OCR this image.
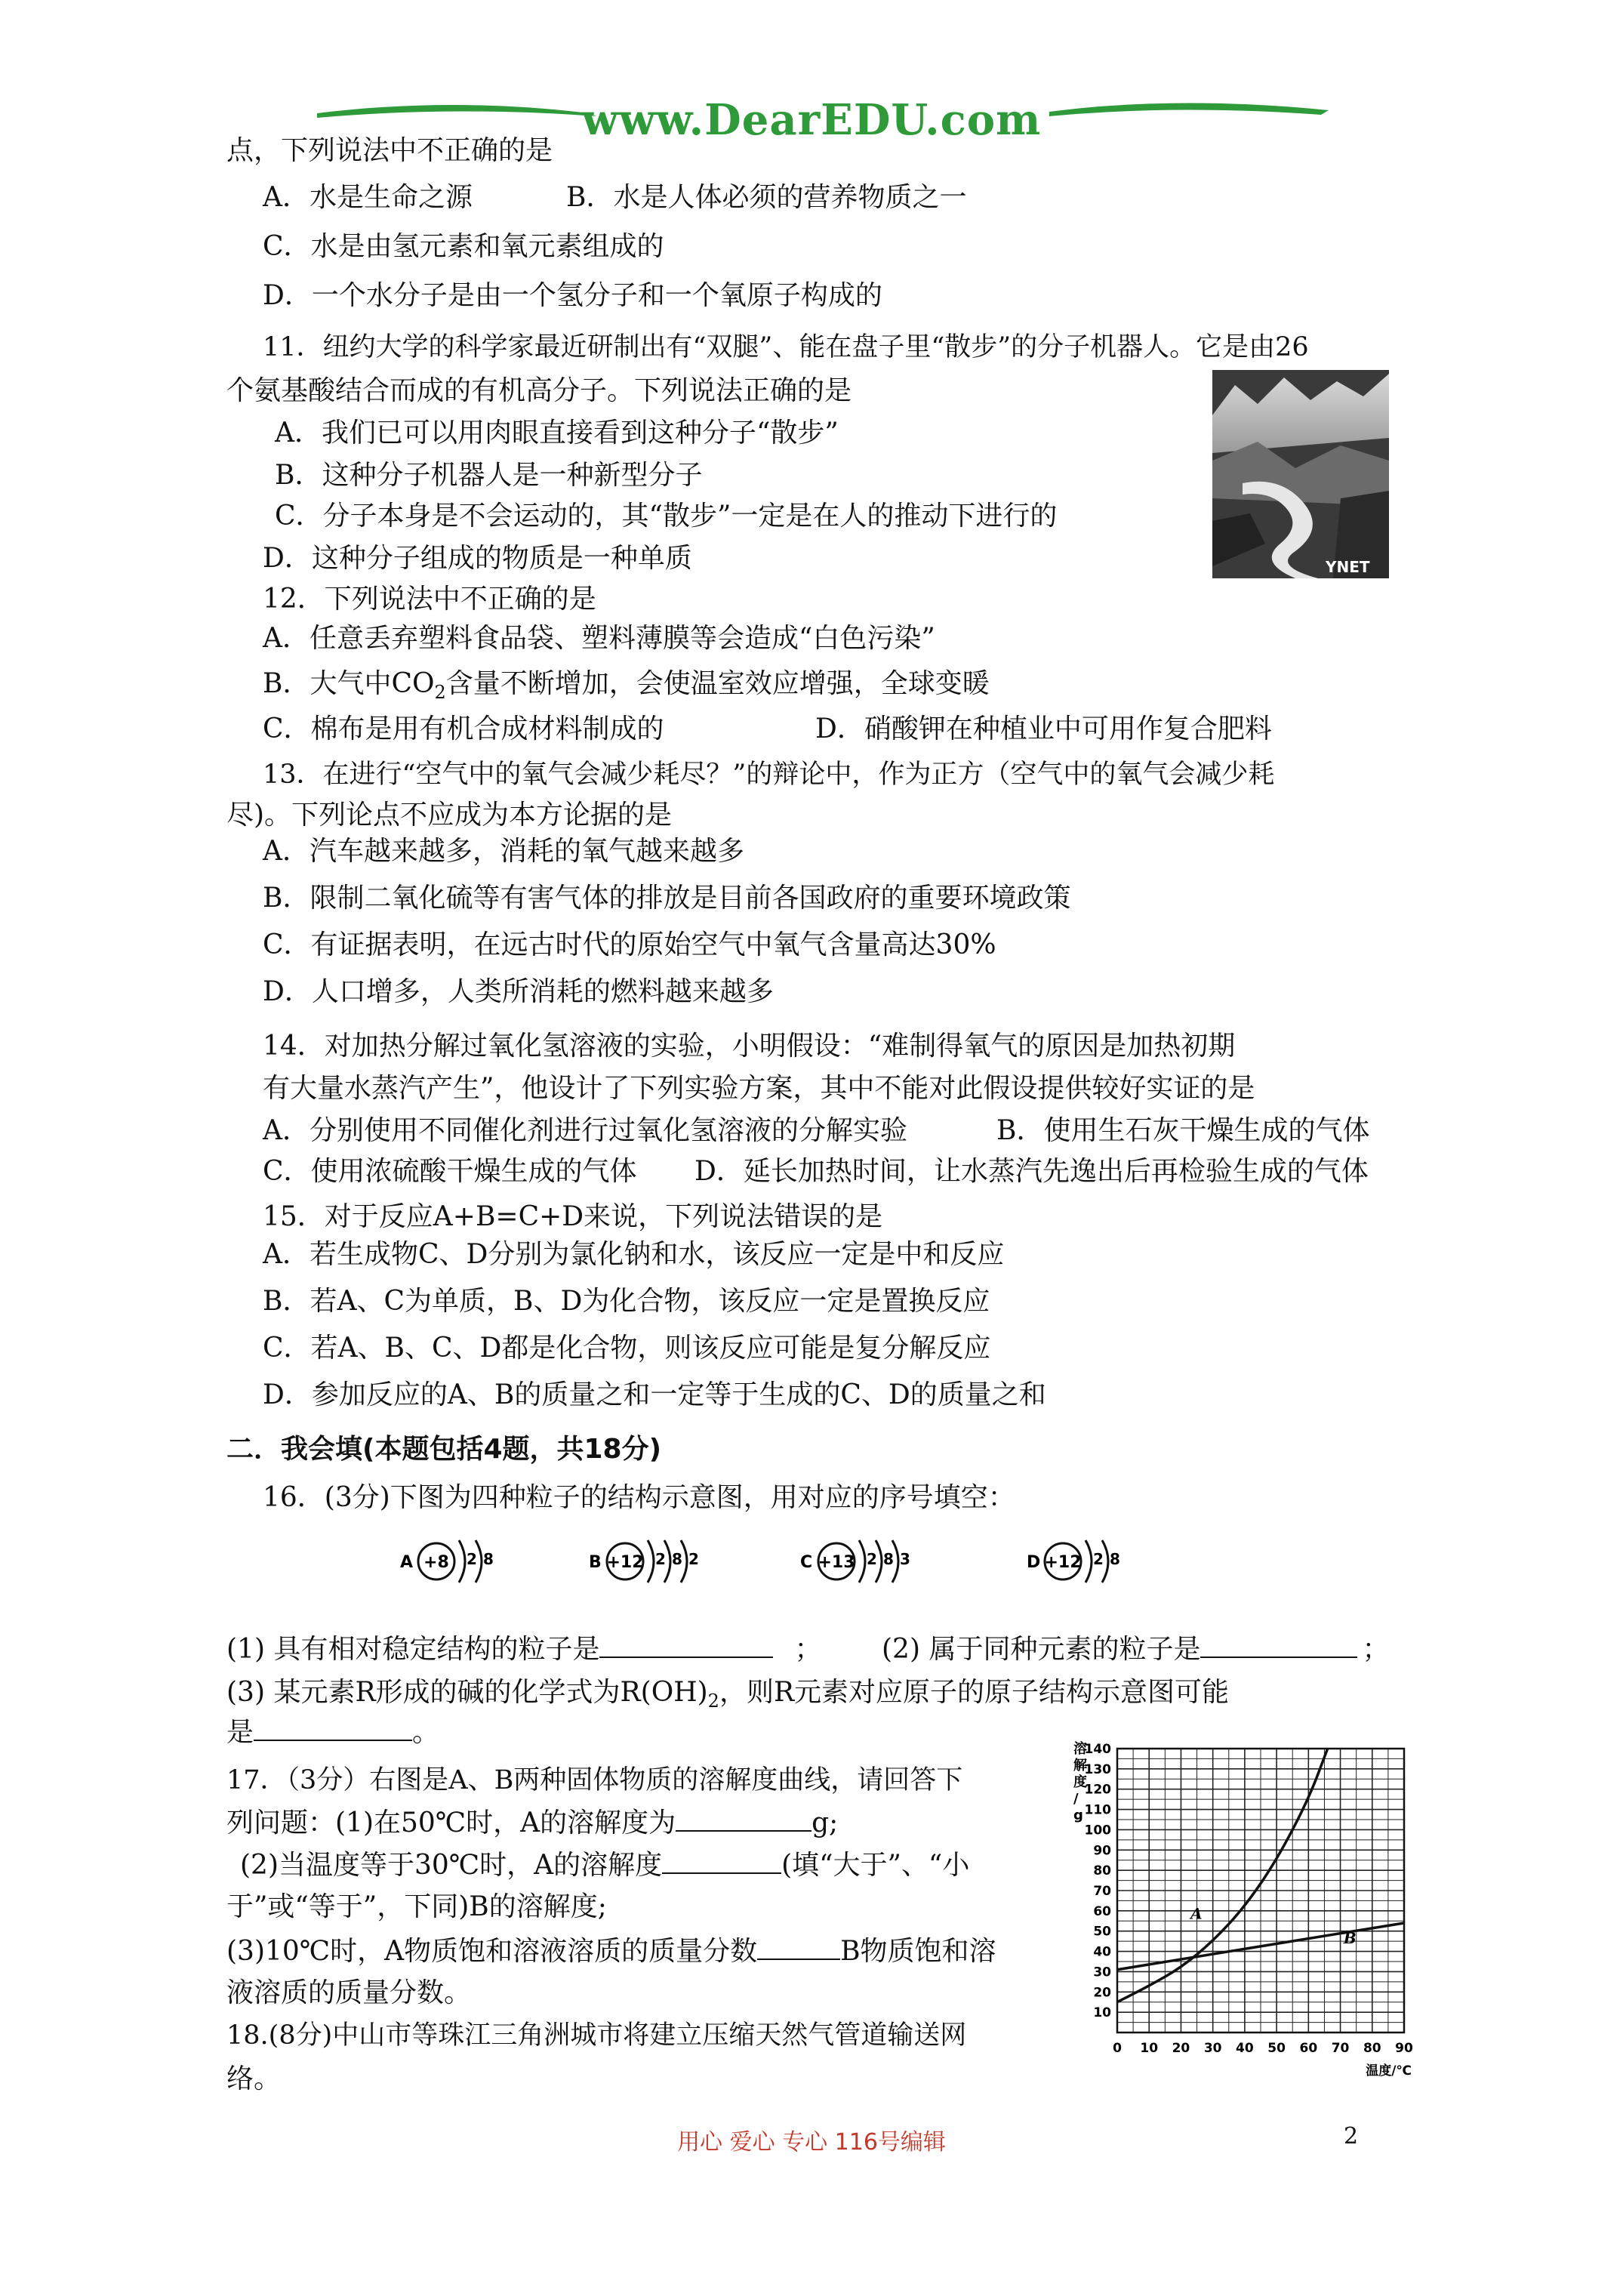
www.DearEDU.com
点，下列说法中不正确的是
A．水是生命之源	B．水是人体必须的营养物质之一
C．水是由氢元素和氧元素组成的
D．一个水分子是由一个氢分子和一个氧原子构成的
11．纽约大学的科学家最近研制出有“双腿”、能在盘子里“散步”的分子机器人。它是由26
个氨基酸结合而成的有机高分子。下列说法正确的是
A．我们已可以用肉眼直接看到这种分子“散步”
B．这种分子机器人是一种新型分子
C．分子本身是不会运动的，其“散步”一定是在人的推动下进行的
D．这种分子组成的物质是一种单质	YNET
12．下列说法中不正确的是
A．任意丢弃塑料食品袋、塑料薄膜等会造成“白色污染”
B．大气中$CO_2$含量不断增加，会使温室效应增强，全球变暖
C．棉布是用有机合成材料制成的	D．硝酸钾在种植业中可用作复合肥料
13．在进行“空气中的氧气会减少耗尽？”的辩论中，作为正方（空气中的氧气会减少耗
尽)。下列论点不应成为本方论据的是
A．汽车越来越多，消耗的氧气越来越多
B．限制二氧化硫等有害气体的排放是目前各国政府的重要环境政策
C．有证据表明，在远古时代的原始空气中氧气含量高达30%
D．人口增多，人类所消耗的燃料越来越多
14．对加热分解过氧化氢溶液的实验，小明假设：“难制得氧气的原因是加热初期
有大量水蒸汽产生”，他设计了下列实验方案，其中不能对此假设提供较好实证的是
A．分别使用不同催化剂进行过氧化氢溶液的分解实验	B．使用生石灰干燥生成的气体
C．使用浓硫酸干燥生成的气体 D．延长加热时间，让水蒸汽先逸出后再检验生成的气体
15．对于反应A+B=C+D来说，下列说法错误的是
A．若生成物C、D分别为氯化钠和水，该反应一定是中和反应
B．若A、C为单质，B、D为化合物，该反应一定是置换反应
C．若A、B、C、D都是化合物，则该反应可能是复分解反应
D．参加反应的A、B的质量之和一定等于生成的C、D的质量之和
二．我会填(本题包括4题，共18分)
16．(3分)下图为四种粒子的结构示意图，用对应的序号填空：
A +8 2 8	B +12 2 8 2	C +13 2 8 3	D +12 2 8
(1) 具有相对稳定结构的粒子是	； (2) 属于同种元素的粒子是	；
(3) 某元素R形成的碱的化学式为$R(OH)_2$，则R元素对应原子的原子结构示意图可能
是	。
17．（3分）右图是A、B两种固体物质的溶解度曲线，请回答下
列问题：(1)在50℃时，A的溶解度为	g;
(2)当温度等于30℃时，A的溶解度	(填“大于”、“小
于”或“等于”，下同)B的溶解度;
(3)10℃时，A物质饱和溶液溶质的质量分数	B物质饱和溶
液溶质的质量分数。
18.(8分)中山市等珠江三角洲城市将建立压缩天然气管道输送网
络。
溶解度/ g
10
20
30
40
50
60
70
80
90
100
110
120
130
140
0 10 20 30 40 50 60 70 80 90
温度/℃
A
B
用心 爱心 专心 116号编辑	2
